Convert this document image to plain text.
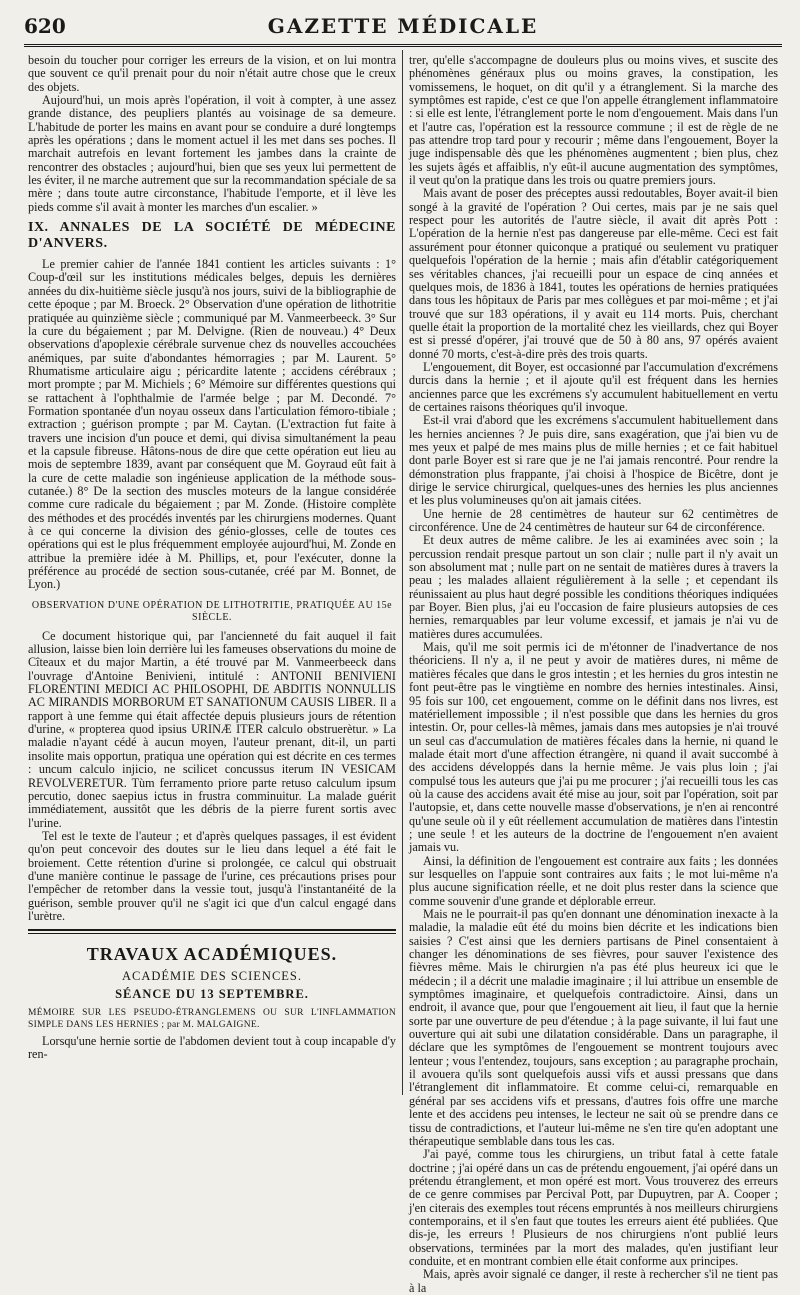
620	GAZETTE MÉDICALE

besoin du toucher pour corriger les erreurs de la vision, et on lui montra que souvent ce qu'il prenait pour du noir n'était autre chose que le creux des objets.

Aujourd'hui, un mois après l'opération, il voit à compter, à une assez grande distance, des peupliers plantés au voisinage de sa demeure. L'habitude de porter les mains en avant pour se conduire a duré longtemps après les opérations ; dans le moment actuel il les met dans ses poches. Il marchait autrefois en levant fortement les jambes dans la crainte de rencontrer des obstacles ; aujourd'hui, bien que ses yeux lui permettent de les éviter, il ne marche autrement que sur la recommandation spéciale de sa mère ; dans toute autre circonstance, l'habitude l'emporte, et il lève les pieds comme s'il avait à monter les marches d'un escalier. »

IX. ANNALES DE LA SOCIÉTÉ DE MÉDECINE D'ANVERS.

Le premier cahier de l'année 1841 contient les articles suivants : 1° Coup-d'œil sur les institutions médicales belges, depuis les dernières années du dix-huitième siècle jusqu'à nos jours, suivi de la bibliographie de cette époque ; par M. Broeck. 2° Observation d'une opération de lithotritie pratiquée au quinzième siècle ; communiqué par M. Vanmeerbeeck. 3° Sur la cure du bégaiement ; par M. Delvigne. (Rien de nouveau.) 4° Deux observations d'apoplexie cérébrale survenue chez ds nouvelles accouchées anémiques, par suite d'abondantes hémorragies ; par M. Laurent. 5° Rhumatisme articulaire aigu ; péricardite latente ; accidens cérébraux ; mort prompte ; par M. Michiels ; 6° Mémoire sur différentes questions qui se rattachent à l'ophthalmie de l'armée belge ; par M. Decondé. 7° Formation spontanée d'un noyau osseux dans l'articulation fémoro-tibiale ; extraction ; guérison prompte ; par M. Caytan. (L'extraction fut faite à travers une incision d'un pouce et demi, qui divisa simultanément la peau et la capsule fibreuse. Hâtons-nous de dire que cette opération eut lieu au mois de septembre 1839, avant par conséquent que M. Goyraud eût fait à la cure de cette maladie son ingénieuse application de la méthode sous-cutanée.) 8° De la section des muscles moteurs de la langue considérée comme cure radicale du bégaiement ; par M. Zonde. (Histoire complète des méthodes et des procédés inventés par les chirurgiens modernes. Quant à ce qui concerne la division des génio-glosses, celle de toutes ces opérations qui est le plus fréquemment employée aujourd'hui, M. Zonde en attribue la première idée à M. Phillips, et, pour l'exécuter, donne la préférence au procédé de section sous-cutanée, créé par M. Bonnet, de Lyon.)

OBSERVATION D'UNE OPÉRATION DE LITHOTRITIE, PRATIQUÉE AU 15e SIÈCLE.

Ce document historique qui, par l'ancienneté du fait auquel il fait allusion, laisse bien loin derrière lui les fameuses observations du moine de Cîteaux et du major Martin, a été trouvé par M. Vanmeerbeeck dans l'ouvrage d'Antoine Benivieni, intitulé : ANTONII BENIVIENI FLORENTINI MEDICI AC PHILOSOPHI, DE ABDITIS NONNULLIS AC MIRANDIS MORBORUM ET SANATIONUM CAUSIS LIBER. Il a rapport à une femme qui était affectée depuis plusieurs jours de rétention d'urine, « propterea quod ipsius URINÆ ITER calculo obstruerètur. » La maladie n'ayant cédé à aucun moyen, l'auteur prenant, dit-il, un parti insolite mais opportun, pratiqua une opération qui est décrite en ces termes : uncum calculo injicio, ne scilicet concussus iterum IN VESICAM REVOLVERETUR. Tùm ferramento priore parte retuso calculum ipsum percutio, donec saepius ictus in frustra comminuitur. La malade guérit immédiatement, aussitôt que les débris de la pierre furent sortis avec l'urine.

Tel est le texte de l'auteur ; et d'après quelques passages, il est évident qu'on peut concevoir des doutes sur le lieu dans lequel a été fait le broiement. Cette rétention d'urine si prolongée, ce calcul qui obstruait d'une manière continue le passage de l'urine, ces précautions prises pour l'empêcher de retomber dans la vessie tout, jusqu'à l'instantanéité de la guérison, semble prouver qu'il ne s'agit ici que d'un calcul engagé dans l'urètre.

TRAVAUX ACADÉMIQUES.
ACADÉMIE DES SCIENCES.
SÉANCE DU 13 SEPTEMBRE.
MÉMOIRE SUR LES PSEUDO-ÉTRANGLEMENS OU SUR L'INFLAMMATION SIMPLE DANS LES HERNIES ; par M. MALGAIGNE.

Lorsqu'une hernie sortie de l'abdomen devient tout à coup incapable d'y ren-

trer, qu'elle s'accompagne de douleurs plus ou moins vives, et suscite des phénomènes généraux plus ou moins graves, la constipation, les vomissemens, le hoquet, on dit qu'il y a étranglement. Si la marche des symptômes est rapide, c'est ce que l'on appelle étranglement inflammatoire : si elle est lente, l'étranglement porte le nom d'engouement. Mais dans l'un et l'autre cas, l'opération est la ressource commune ; il est de règle de ne pas attendre trop tard pour y recourir ; même dans l'engouement, Boyer la juge indispensable dès que les phénomènes augmentent ; bien plus, chez les sujets âgés et affaiblis, n'y eût-il aucune augmentation des symptômes, il veut qu'on la pratique dans les trois ou quatre premiers jours.

Mais avant de poser des préceptes aussi redoutables, Boyer avait-il bien songé à la gravité de l'opération ? Oui certes, mais par je ne sais quel respect pour les autorités de l'autre siècle, il avait dit après Pott : L'opération de la hernie n'est pas dangereuse par elle-même. Ceci est fait assurément pour étonner quiconque a pratiqué ou seulement vu pratiquer quelquefois l'opération de la hernie ; mais afin d'établir catégoriquement ses véritables chances, j'ai recueilli pour un espace de cinq années et quelques mois, de 1836 à 1841, toutes les opérations de hernies pratiquées dans tous les hôpitaux de Paris par mes collègues et par moi-même ; et j'ai trouvé que sur 183 opérations, il y avait eu 114 morts. Puis, cherchant quelle était la proportion de la mortalité chez les vieillards, chez qui Boyer est si pressé d'opérer, j'ai trouvé que de 50 à 80 ans, 97 opérés avaient donné 70 morts, c'est-à-dire près des trois quarts.

L'engouement, dit Boyer, est occasionné par l'accumulation d'excrémens durcis dans la hernie ; et il ajoute qu'il est fréquent dans les hernies anciennes parce que les excrémens s'y accumulent habituellement en vertu de certaines raisons théoriques qu'il invoque.

Est-il vrai d'abord que les excrémens s'accumulent habituellement dans les hernies anciennes ? Je puis dire, sans exagération, que j'ai bien vu de mes yeux et palpé de mes mains plus de mille hernies ; et ce fait habituel dont parle Boyer est si rare que je ne l'ai jamais rencontré. Pour rendre la démonstration plus frappante, j'ai choisi à l'hospice de Bicêtre, dont je dirige le service chirurgical, quelques-unes des hernies les plus anciennes et les plus volumineuses qu'on ait jamais citées.

Une hernie de 28 centimètres de hauteur sur 62 centimètres de circonférence. Une de 24 centimètres de hauteur sur 64 de circonférence.

Et deux autres de même calibre. Je les ai examinées avec soin ; la percussion rendait presque partout un son clair ; nulle part il n'y avait un son absolument mat ; nulle part on ne sentait de matières dures à travers la peau ; les malades allaient régulièrement à la selle ; et cependant ils réunissaient au plus haut degré possible les conditions théoriques indiquées par Boyer. Bien plus, j'ai eu l'occasion de faire plusieurs autopsies de ces hernies, remarquables par leur volume excessif, et jamais je n'ai vu de matières dures accumulées.

Mais, qu'il me soit permis ici de m'étonner de l'inadvertance de nos théoriciens. Il n'y a, il ne peut y avoir de matières dures, ni même de matières fécales que dans le gros intestin ; et les hernies du gros intestin ne font peut-être pas le vingtième en nombre des hernies intestinales. Ainsi, 95 fois sur 100, cet engouement, comme on le définit dans nos livres, est matériellement impossible ; il n'est possible que dans les hernies du gros intestin. Or, pour celles-là mêmes, jamais dans mes autopsies je n'ai trouvé un seul cas d'accumulation de matières fécales dans la hernie, ni quand le malade était mort d'une affection étrangère, ni quand il avait succombé à des accidens développés dans la hernie même. Je vais plus loin ; j'ai compulsé tous les auteurs que j'ai pu me procurer ; j'ai recueilli tous les cas où la cause des accidens avait été mise au jour, soit par l'opération, soit par l'autopsie, et, dans cette nouvelle masse d'observations, je n'en ai rencontré qu'une seule où il y eût réellement accumulation de matières dans l'intestin ; une seule ! et les auteurs de la doctrine de l'engouement n'en avaient jamais vu.

Ainsi, la définition de l'engouement est contraire aux faits ; les données sur lesquelles on l'appuie sont contraires aux faits ; le mot lui-même n'a plus aucune signification réelle, et ne doit plus rester dans la science que comme souvenir d'une grande et déplorable erreur.

Mais ne le pourrait-il pas qu'en donnant une dénomination inexacte à la maladie, la maladie eût été du moins bien décrite et les indications bien saisies ? C'est ainsi que les derniers partisans de Pinel consentaient à changer les dénominations de ses fièvres, pour sauver l'existence des fièvres même. Mais le chirurgien n'a pas été plus heureux ici que le médecin ; il a décrit une maladie imaginaire ; il lui attribue un ensemble de symptômes imaginaire, et quelquefois contradictoire. Ainsi, dans un endroit, il avance que, pour que l'engouement ait lieu, il faut que la hernie sorte par une ouverture de peu d'étendue ; à la page suivante, il lui faut une ouverture qui ait subi une dilatation considérable. Dans un paragraphe, il déclare que les symptômes de l'engouement se montrent toujours avec lenteur ; vous l'entendez, toujours, sans exception ; au paragraphe prochain, il avouera qu'ils sont quelquefois aussi vifs et aussi pressans que dans l'étranglement dit inflammatoire. Et comme celui-ci, remarquable en général par ses accidens vifs et pressans, d'autres fois offre une marche lente et des accidens peu intenses, le lecteur ne sait où se prendre dans ce tissu de contradictions, et l'auteur lui-même ne s'en tire qu'en adoptant une thérapeutique semblable dans tous les cas.

J'ai payé, comme tous les chirurgiens, un tribut fatal à cette fatale doctrine ; j'ai opéré dans un cas de prétendu engouement, j'ai opéré dans un prétendu étranglement, et mon opéré est mort. Vous trouverez des erreurs de ce genre commises par Percival Pott, par Dupuytren, par A. Cooper ; j'en citerais des exemples tout récens empruntés à nos meilleurs chirurgiens contemporains, et il s'en faut que toutes les erreurs aient été publiées. Que dis-je, les erreurs ! Plusieurs de nos chirurgiens n'ont publié leurs observations, terminées par la mort des malades, qu'en justifiant leur conduite, et en montrant combien elle était conforme aux principes.

Mais, après avoir signalé ce danger, il reste à rechercher s'il ne tient pas à la
